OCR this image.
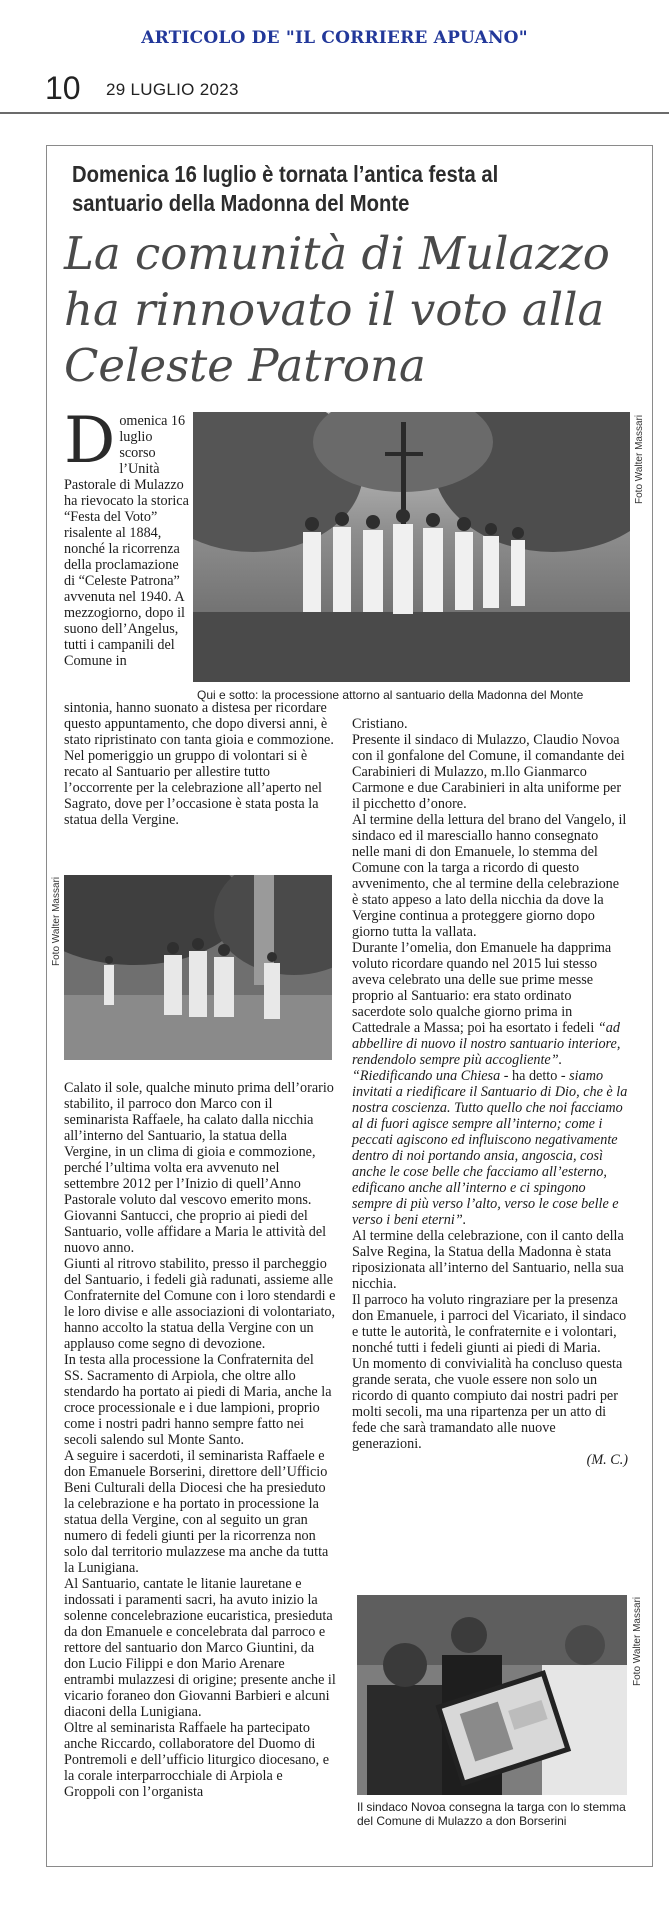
ARTICOLO DE "IL CORRIERE APUANO"
10 29 LUGLIO 2023
Domenica 16 luglio è tornata l’antica festa al santuario della Madonna del Monte
La comunità di Mulazzo ha rinnovato il voto alla Celeste Patrona
Foto Walter Massari
Qui e sotto: la processione attorno al santuario della Madonna del Monte
D omenica 16 luglio scorso l’Unità Pastorale di Mulazzo ha rievocato la storica “Festa del Voto” risalente al 1884, nonché la ricorrenza della proclamazione di “Celeste Patrona” avvenuta nel 1940. A mezzogiorno, dopo il suono dell’Angelus, tutti i campanili del Comune in

sintonia, hanno suonato a distesa per ricordare questo appuntamento, che dopo diversi anni, è stato ripristinato con tanta gioia e commozione.

Nel pomeriggio un gruppo di volontari si è recato al Santuario per allestire tutto l’occorrente per la celebrazione all’aperto nel Sagrato, dove per l’occasione è stata posta la statua della Vergine.

Foto Walter Massari

Calato il sole, qualche minuto prima dell’orario stabilito, il parroco don Marco con il seminarista Raffaele, ha calato dalla nicchia all’interno del Santuario, la statua della Vergine, in un clima di gioia e commozione, perché l’ultima volta era avvenuto nel settembre 2012 per l’Inizio di quell’Anno Pastorale voluto dal vescovo emerito mons. Giovanni Santucci, che proprio ai piedi del Santuario, volle affidare a Maria le attività del nuovo anno.

Giunti al ritrovo stabilito, presso il parcheggio del Santuario, i fedeli già radunati, assieme alle Confraternite del Comune con i loro stendardi e le loro divise e alle associazioni di volontariato, hanno accolto la statua della Vergine con un applauso come segno di devozione.

In testa alla processione la Confraternita del SS. Sacramento di Arpiola, che oltre allo stendardo ha portato ai piedi di Maria, anche la croce processionale e i due lampioni, proprio come i nostri padri hanno sempre fatto nei secoli salendo sul Monte Santo.

A seguire i sacerdoti, il seminarista Raffaele e don Emanuele Borserini, direttore dell’Ufficio Beni Culturali della Diocesi che ha presieduto la celebrazione e ha portato in processione la statua della Vergine, con al seguito un gran numero di fedeli giunti per la ricorrenza non solo dal territorio mulazzese ma anche da tutta la Lunigiana.

Al Santuario, cantate le litanie lauretane e indossati i paramenti sacri, ha avuto inizio la solenne concelebrazione eucaristica, presieduta da don Emanuele e concelebrata dal parroco e rettore del santuario don Marco Giuntini, da don Lucio Filippi e don Mario Arenare entrambi mulazzesi di origine; presente anche il vicario foraneo don Giovanni Barbieri e alcuni diaconi della Lunigiana.

Oltre al seminarista Raffaele ha partecipato anche Riccardo, collaboratore del Duomo di Pontremoli e dell’ufficio liturgico diocesano, e la corale interparrocchiale di Arpiola e Groppoli con l’organista

Cristiano.

Presente il sindaco di Mulazzo, Claudio Novoa con il gonfalone del Comune, il comandante dei Carabinieri di Mulazzo, m.llo Gianmarco Carmone e due Carabinieri in alta uniforme per il picchetto d’onore.

Al termine della lettura del brano del Vangelo, il sindaco ed il maresciallo hanno consegnato nelle mani di don Emanuele, lo stemma del Comune con la targa a ricordo di questo avvenimento, che al termine della celebrazione è stato appeso a lato della nicchia da dove la Vergine continua a proteggere giorno dopo giorno tutta la vallata.

Durante l’omelia, don Emanuele ha dapprima voluto ricordare quando nel 2015 lui stesso aveva celebrato una delle sue prime messe proprio al Santuario: era stato ordinato sacerdote solo qualche giorno prima in Cattedrale a Massa; poi ha esortato i fedeli “ad abbellire di nuovo il nostro santuario interiore, rendendolo sempre più accogliente”.

“Riedificando una Chiesa - ha detto - siamo invitati a riedificare il Santuario di Dio, che è la nostra coscienza. Tutto quello che noi facciamo al di fuori agisce sempre all’interno; come i peccati agiscono ed influiscono negativamente dentro di noi portando ansia, angoscia, così anche le cose belle che facciamo all’esterno, edificano anche all’interno e ci spingono sempre di più verso l’alto, verso le cose belle e verso i beni eterni”.

Al termine della celebrazione, con il canto della Salve Regina, la Statua della Madonna è stata riposizionata all’interno del Santuario, nella sua nicchia.

Il parroco ha voluto ringraziare per la presenza don Emanuele, i parroci del Vicariato, il sindaco e tutte le autorità, le confraternite e i volontari, nonché tutti i fedeli giunti ai piedi di Maria.

Un momento di convivialità ha concluso questa grande serata, che vuole essere non solo un ricordo di quanto compiuto dai nostri padri per molti secoli, ma una ripartenza per un atto di fede che sarà tramandato alle nuove generazioni.

(M. C.)

Foto Walter Massari
Il sindaco Novoa consegna la targa con lo stemma del Comune di Mulazzo a don Borserini
